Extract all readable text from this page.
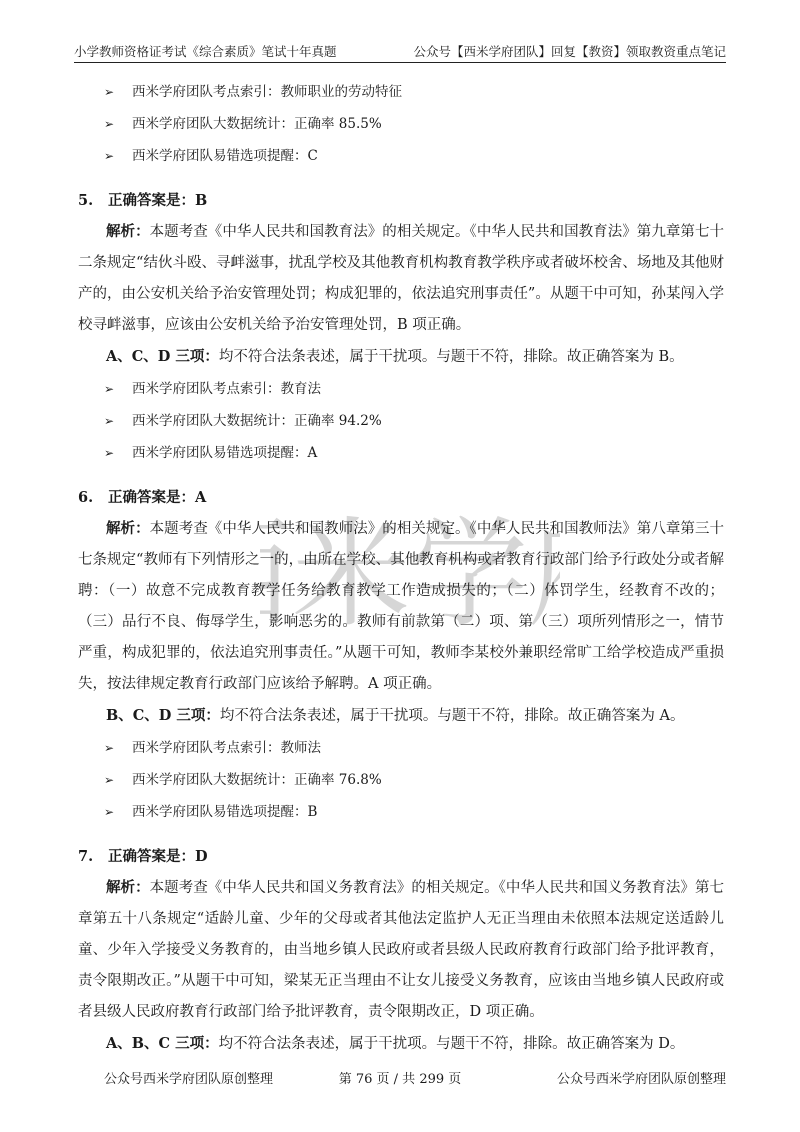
小学教师资格证考试《综合素质》笔试十年真题	公众号【西米学府团队】回复【教资】领取教资重点笔记
米学
➢ 西米学府团队考点索引：教师职业的劳动特征
➢ 西米学府团队大数据统计：正确率 85.5%
➢ 西米学府团队易错选项提醒：C
5. 正确答案是：B

解析：本题考查《中华人民共和国教育法》的相关规定。《中华人民共和国教育法》第九章第七十二条规定“结伙斗殴、寻衅滋事，扰乱学校及其他教育机构教育教学秩序或者破坏校舍、场地及其他财产的，由公安机关给予治安管理处罚；构成犯罪的，依法追究刑事责任”。从题干中可知，孙某闯入学校寻衅滋事，应该由公安机关给予治安管理处罚，B 项正确。

A、C、D 三项：均不符合法条表述，属于干扰项。与题干不符，排除。故正确答案为 B。
➢ 西米学府团队考点索引：教育法
➢ 西米学府团队大数据统计：正确率 94.2%
➢ 西米学府团队易错选项提醒：A
6. 正确答案是：A

解析：本题考查《中华人民共和国教师法》的相关规定。《中华人民共和国教师法》第八章第三十七条规定“教师有下列情形之一的，由所在学校、其他教育机构或者教育行政部门给予行政处分或者解聘：（一）故意不完成教育教学任务给教育教学工作造成损失的；（二）体罚学生，经教育不改的；（三）品行不良、侮辱学生，影响恶劣的。教师有前款第（二）项、第（三）项所列情形之一，情节严重，构成犯罪的，依法追究刑事责任。”从题干可知，教师李某校外兼职经常旷工给学校造成严重损失，按法律规定教育行政部门应该给予解聘。A 项正确。

B、C、D 三项：均不符合法条表述，属于干扰项。与题干不符，排除。故正确答案为 A。
➢ 西米学府团队考点索引：教师法
➢ 西米学府团队大数据统计：正确率 76.8%
➢ 西米学府团队易错选项提醒：B
7. 正确答案是：D

解析：本题考查《中华人民共和国义务教育法》的相关规定。《中华人民共和国义务教育法》第七章第五十八条规定“适龄儿童、少年的父母或者其他法定监护人无正当理由未依照本法规定送适龄儿童、少年入学接受义务教育的，由当地乡镇人民政府或者县级人民政府教育行政部门给予批评教育，责令限期改正。”从题干中可知，梁某无正当理由不让女儿接受义务教育，应该由当地乡镇人民政府或者县级人民政府教育行政部门给予批评教育，责令限期改正，D 项正确。

A、B、C 三项：均不符合法条表述，属于干扰项。与题干不符，排除。故正确答案为 D。
公众号西米学府团队原创整理	第 76 页 / 共 299 页	公众号西米学府团队原创整理
